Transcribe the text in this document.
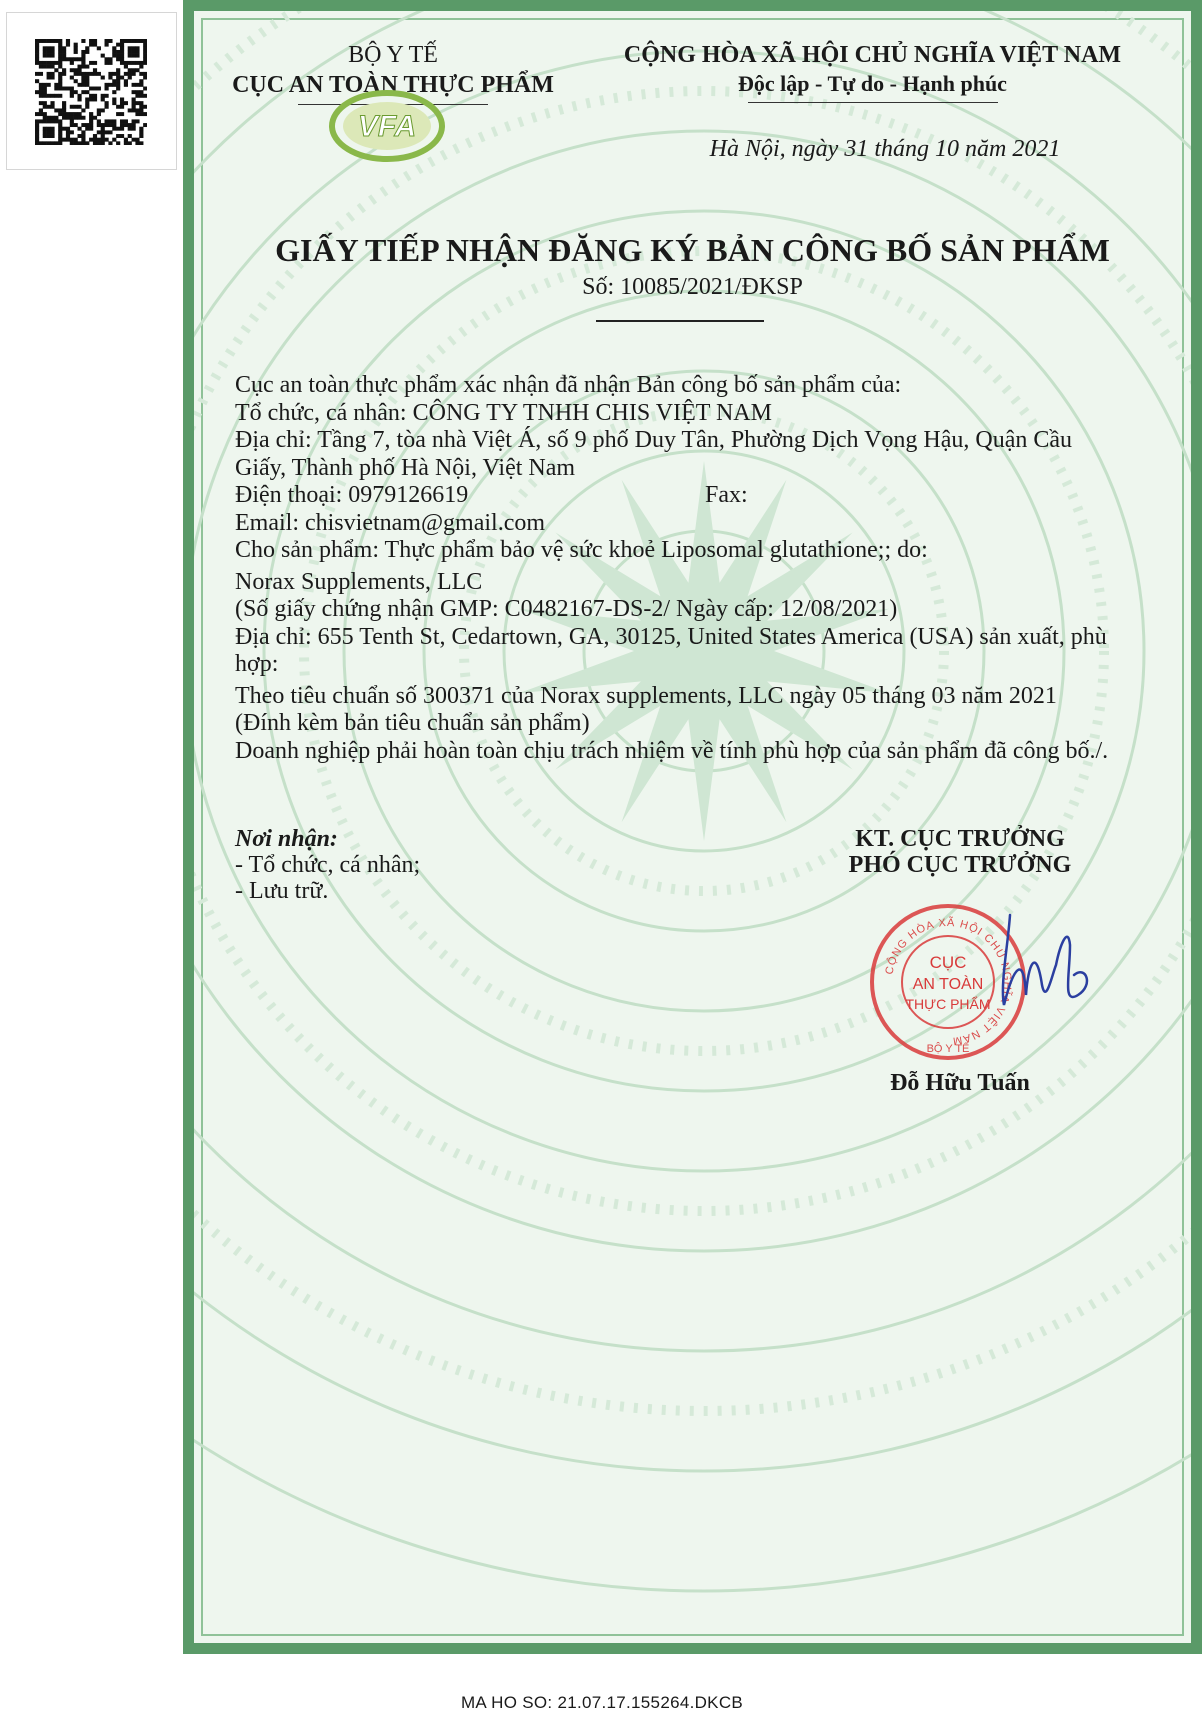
BỘ Y TẾ
CỤC AN TOÀN THỰC PHẨM
VFA
CỘNG HÒA XÃ HỘI CHỦ NGHĨA VIỆT NAM
Độc lập - Tự do - Hạnh phúc
Hà Nội, ngày 31 tháng 10 năm 2021
GIẤY TIẾP NHẬN ĐĂNG KÝ BẢN CÔNG BỐ SẢN PHẨM
Số: 10085/2021/ĐKSP

Cục an toàn thực phẩm xác nhận đã nhận Bản công bố sản phẩm của:

Tổ chức, cá nhân: CÔNG TY TNHH CHIS VIỆT NAM

Địa chỉ: Tầng 7, tòa nhà Việt Á, số 9 phố Duy Tân, Phường Dịch Vọng Hậu, Quận Cầu

Giấy, Thành phố Hà Nội, Việt Nam

Điện thoại: 0979126619	Fax:

Email: chisvietnam@gmail.com

Cho sản phẩm: Thực phẩm bảo vệ sức khoẻ Liposomal glutathione;; do:

Norax Supplements, LLC

(Số giấy chứng nhận GMP: C0482167-DS-2/ Ngày cấp: 12/08/2021)

Địa chỉ: 655 Tenth St, Cedartown, GA, 30125, United States America (USA) sản xuất, phù

hợp:

Theo tiêu chuẩn số 300371 của Norax supplements, LLC ngày 05 tháng 03 năm 2021

(Đính kèm bản tiêu chuẩn sản phẩm)

Doanh nghiệp phải hoàn toàn chịu trách nhiệm về tính phù hợp của sản phẩm đã công bố./.

Nơi nhận:
- Tổ chức, cá nhân;
- Lưu trữ.
KT. CỤC TRƯỞNG
PHÓ CỤC TRƯỞNG
CỘNG HÒA XÃ HỘI CHỦ NGHĨA VIỆT NAM
BỘ Y TẾ
CỤC
AN TOÀN
THỰC PHẨM
Đỗ Hữu Tuấn
MA HO SO: 21.07.17.155264.DKCB
